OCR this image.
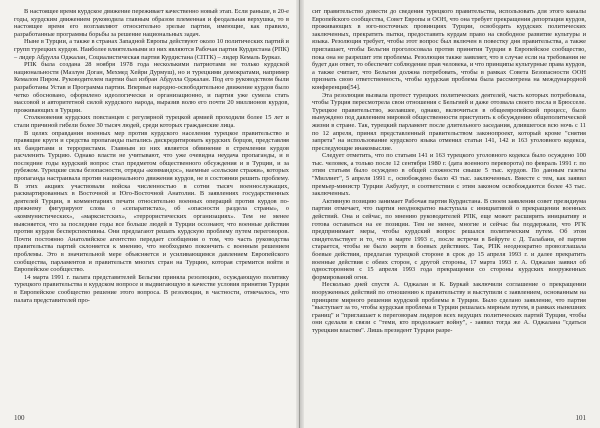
В настоящее время курдское движение переживает качественно новый этап. Если раньше, в 20-е годы, курдским движением руководила главным образом племенная и феодальная верхушка, то в настоящее время его возглавляют относительно зрелые партии, имеющие, как правило, разработанные программы борьбы за решение национальных задач.

Ныне в Турции, а также в странах Западной Европы действуют около 10 политических партий и групп турецких курдов. Наиболее влиятельными из них являются Рабочая партия Курдистана (РПК) – лидер Абдулла Оджалан, Социалистическая партия Курдистана (СПТК) – лидер Кемаль Бурказ.

РПК была создана 28 ноября 1978 года несколькими патриотами не только курдской национальности (Мазлум Доган, Мехмед Хейри Дурмуш), но и турецкими демократами, например Кемалом Пиром. Руководителем партии был избран Абдулла Оджалан. Под его руководством были разработаны Устав и Программа партии. Впервые народно-освободительное движение курдов было четко обосновано, оформлено идеологически и организационно, и партия уже сумела стать массовой и авторитетной силой курдского народа, выразив волю его почти 20 миллионов курдов, проживающих в Турции.

Столкновения курдских повстанцев с регулярной турецкой армией проходили более 15 лет и стали причиной гибели более 30 тысяч людей, среди которых гражданские лица.

В целях оправдания военных мер против курдского населения турецкое правительство и правящие круги и средства пропаганды пытались дискредитировать курдских борцов, представляя их бандитами и террористами. Главным из них является обвинение в стремлении курдов расчленить Турцию. Однако власти не учитывают, что уже очевидна неудача пропаганды, и в последние годы курдский вопрос стал предметом общественного обсуждения и в Турции, и за рубежом. Турецкие силы безопасности, отряды «коммандос», наемные «сельские стражи», которых пропаганда настраивала против национального движения курдов, не в состоянии решить проблему. В этих акциях участвовали войска численностью в сотни тысяч военнослужащих, расквартированных в Восточной и Юго-Восточной Анатолии. В заявлениях государственных деятелей Турции, в комментариях печати относительно военных операций против курдов по-прежнему фигурируют слова о «сепаратистах», об «опасности раздела страны», о «коммунистических», «марксистских», «террористических организациях». Тем не менее выясняется, что за последние годы все больше людей в Турции осознают, что военные действия против курдов бесперспективны. Они предлагают решать курдскую проблему путем переговоров. Почти постоянно Анатолийское агентство передает сообщения о том, что часть руководства правительства партий склоняется к мнению, что необходимо покончить с военным решением проблемы. Это в значительной мере объясняется и усиливающимся давлением Европейского сообщества, парламентов и правительств многих стран на Турцию, которая стремится войти в Европейское сообщество.

14 марта 1991 г. палата представителей Бельгии приняла резолюцию, осуждающую политику турецкого правительства в курдском вопросе и выдвигающую в качестве условия принятия Турции в Европейское сообщество решение этого вопроса. В резолюции, в частности, отмечалось, что палата представителей про-

100

сит правительство довести до сведения турецкого правительства, использовать для этого каналы Европейского сообщества, Совет Европы и ООН, что она требует прекращения депортации курдов, проживающих в юго-восточных провинциях Турции, освободить курдских политических заключенных, прекратить пытки, предоставить курдам право на свободное развитие культуры и языка. Резолюция требует, чтобы этот вопрос был включен в повестку дня правительства, а также приглашает, чтобы Бельгия проголосовала против принятия Турции в Европейское сообщество, пока она не разрешит эти проблемы. Резолюция также заявляет, что в случае если на требования не будет дан ответ, то обеспечит соблюдение прав человека, и что принципы культурные права курдов, а также считает, что Бельгия должна потребовать, чтобы в рамках Совета Безопасности ООН признать свою ответственность, чтобы курдская проблема была рассмотрена на международной конференции[54].

Эта резолюция вызвала протест турецких политических деятелей, часть которых потребовала, чтобы Турция пересмотрела свои отношения с Бельгией и даже отозвала своего посла в Брюсселе. Турецкое правительство, желавшее, однако, включиться в общеевропейский процесс, было вынуждено под давлением мировой общественности приступить к обсуждению общеполитической жизни в стране. Так, турецкий парламент после длительного заседания, длившегося всю ночь с 11 по 12 апреля, принял представленный правительством законопроект, который кроме "снятия запрета" на использование курдского языка отменил статьи 141, 142 и 163 уголовного кодекса, преследующие инакомыслие.

Следует отметить, что по статьям 141 и 163 турецкого уголовного кодекса было осуждено 100 тыс. человек, а только после 12 сентября 1980 г. (дата военного переворота) по февраль 1991 г. по этим статьям было осуждено в общей сложности свыше 5 тыс. курдов. По данным газеты "Миллиет", 5 апреля 1991 г., освобождено было 43 тыс. заключенных. Вместе с тем, как заявил премьер-министр Турции Акбулут, в соответствии с этим законом освобождаются более 43 тыс. заключенных.

Активную позицию занимает Рабочая партия Курдистана. В своем заявлении совет президиума партии отмечает, что партия неоднократно выступала с инициативой о прекращении военных действий. Она и сейчас, по мнению руководителей РПК, еще может расширить инициативу и готова оставаться на ее позиции. Тем не менее, многие и сейчас бы поддержали, что РГК предпринимает меры, чтобы курдский вопрос решался политическим путем. Об этом свидетельствует и то, что в марте 1993 г., после встречи в Бейруте с Д. Талабани, её партия старается, чтобы не было жертв в боевых действиях. Так, РПК неоднократно провозглашала боевые действия, предлагая турецкой стороне в срок до 15 апреля 1993 г. и далее прекратить военные действия с обеих сторон, с другой стороны, 17 марта 1993 г. А. Оджалан заявил об одностороннем с 15 апреля 1993 года прекращении со стороны курдских вооруженных формирований огня.

Несколько дней спустя А. Оджалан и К. Буркай заключили соглашение о прекращении вооруженных действий по отношению к правительству и выступили с заявлением, основанным на принципе мирного решения курдской проблемы в Турции. Было сделано заявление, что партия "выступает за то, чтобы курдская проблема в Турции решалась мирным путем, в рамках нынешних границ" и "приглашает к переговорам лидеров всех ведущих политических партий Турции, чтобы они сделали в связи с "теми, кто продолжает войну", - заявил тогда же А. Оджалана "сдаться турецким властям". Лишь президент Турции разре-

101
